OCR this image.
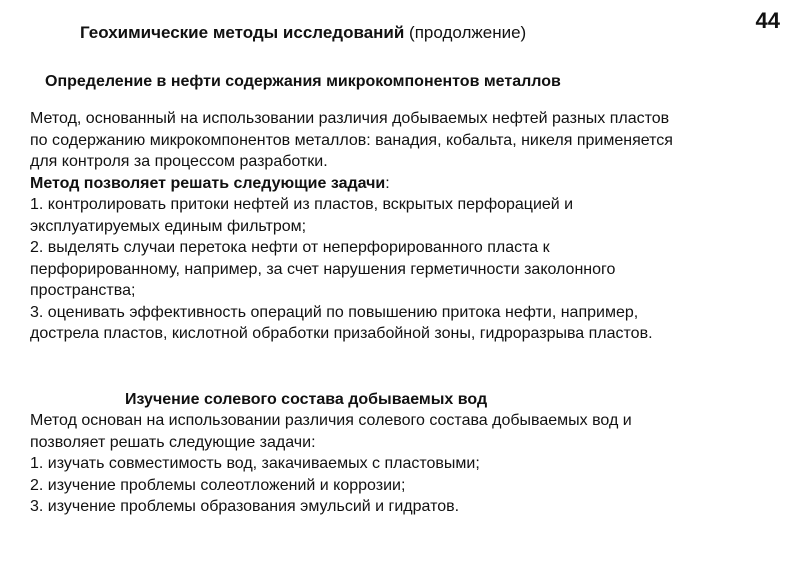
44
Геохимические методы исследований (продолжение)
Определение в нефти содержания микрокомпонентов металлов
Метод, основанный на использовании различия добываемых нефтей разных пластов
по содержанию микрокомпонентов металлов: ванадия, кобальта, никеля применяется
для контроля за процессом разработки.
Метод позволяет решать следующие задачи:
1. контролировать притоки нефтей из пластов, вскрытых перфорацией и
эксплуатируемых единым фильтром;
2. выделять случаи перетока нефти от неперфорированного пласта к
перфорированному, например, за счет нарушения герметичности заколонного
пространства;
3. оценивать эффективность операций по повышению притока нефти, например,
дострела пластов, кислотной обработки призабойной зоны, гидроразрыва пластов.
Изучение солевого состава добываемых вод
Метод основан на использовании различия солевого состава добываемых вод и
позволяет решать следующие задачи:
1. изучать совместимость вод, закачиваемых с пластовыми;
2. изучение проблемы солеотложений и коррозии;
3. изучение проблемы образования эмульсий и гидратов.
